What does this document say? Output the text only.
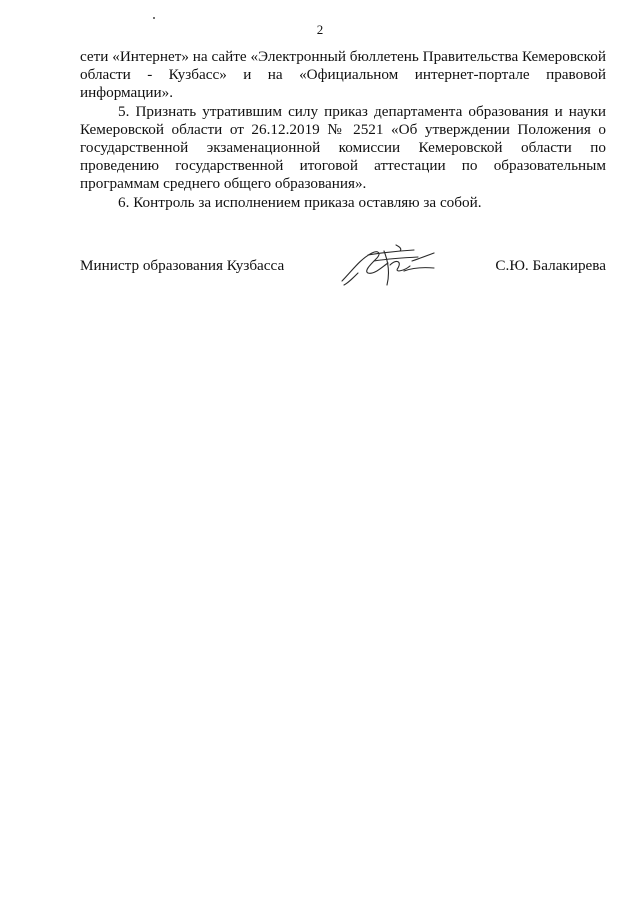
2

сети «Интернет» на сайте «Электронный бюллетень Правительства Кемеровской области - Кузбасс» и на «Официальном интернет-портале правовой информации».

5. Признать утратившим силу приказ департамента образования и науки Кемеровской области от 26.12.2019 № 2521 «Об утверждении Положения о государственной экзаменационной комиссии Кемеровской области по проведению государственной итоговой аттестации по образовательным программам среднего общего образования».

6. Контроль за исполнением приказа оставляю за собой.

Министр образования Кузбасса	С.Ю. Балакирева
